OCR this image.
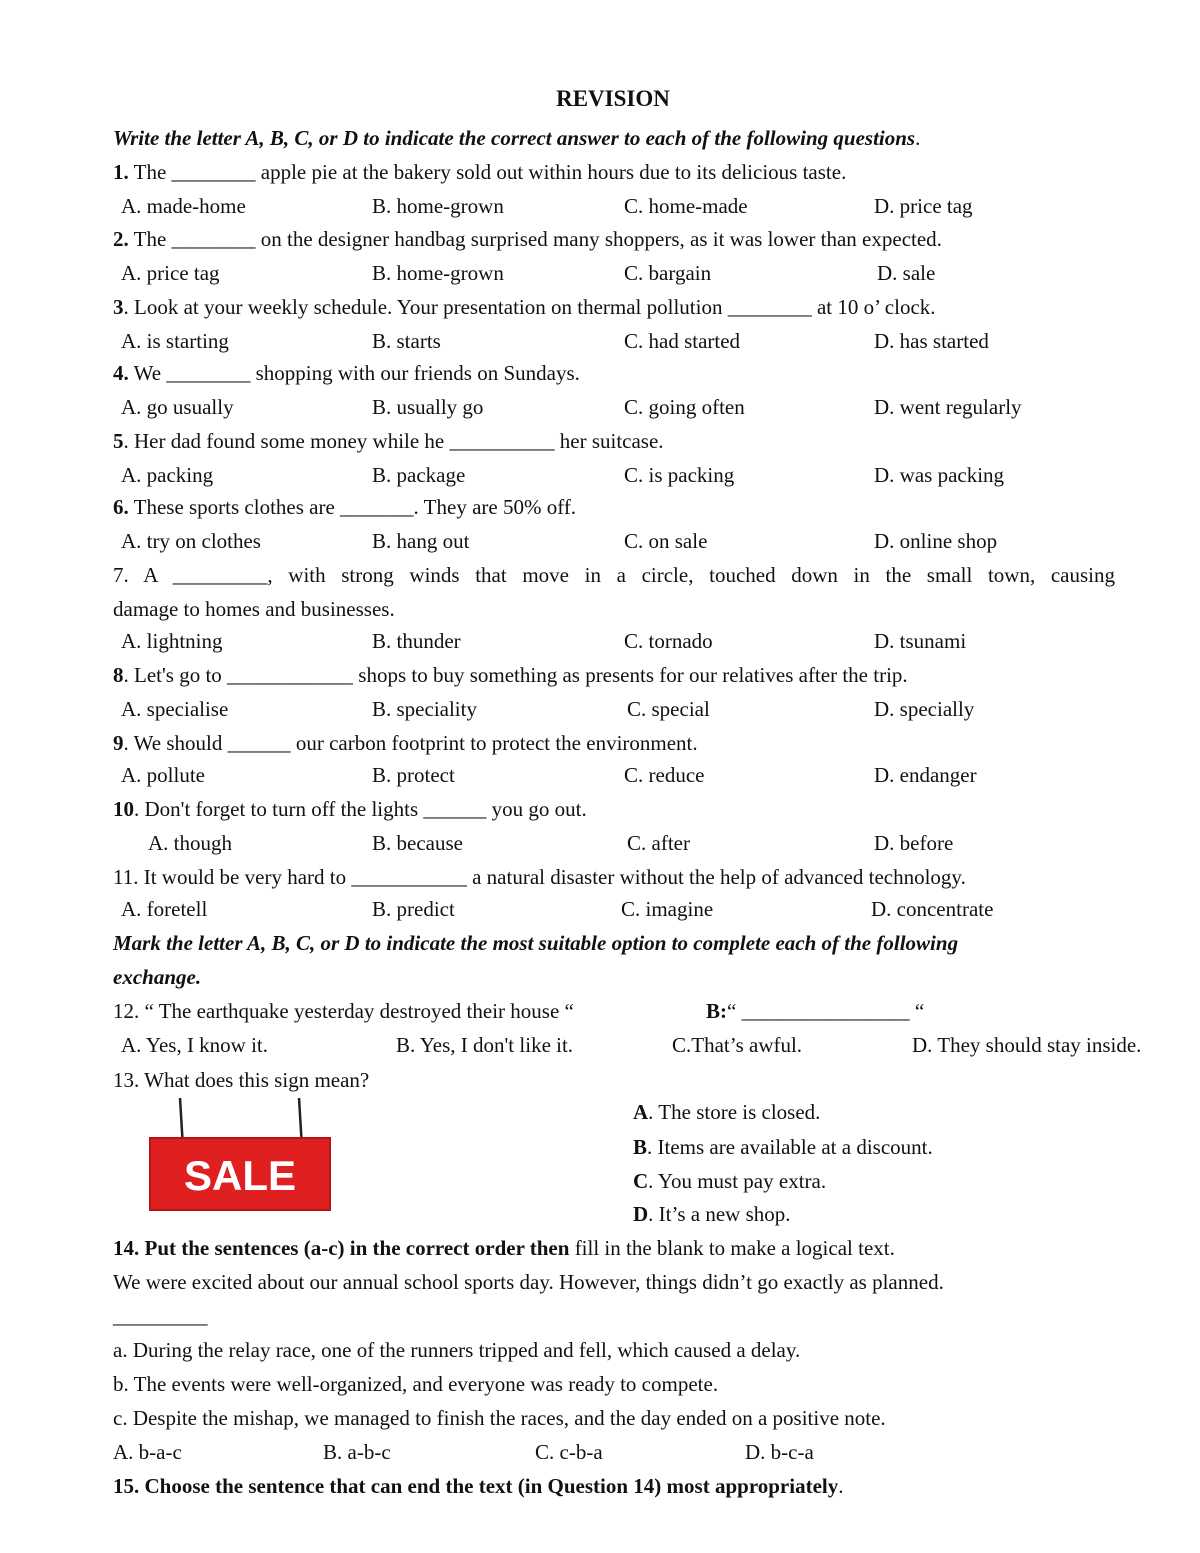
REVISION
Write the letter A, B, C, or D to indicate the correct answer to each of the following questions.
1. The ________ apple pie at the bakery sold out within hours due to its delicious taste.
A. made-home	B. home-grown	C. home-made	D. price tag
2. The ________ on the designer handbag surprised many shoppers, as it was lower than expected.
A. price tag	B. home-grown	C. bargain	D. sale
3. Look at your weekly schedule. Your presentation on thermal pollution ________ at 10 o’ clock.
A. is starting	B. starts	C. had started	D. has started
4. We ________ shopping with our friends on Sundays.
A. go usually	B. usually go	C. going often	D. went regularly
5. Her dad found some money while he __________ her suitcase.
A. packing	B. package	C. is packing	D. was packing
6. These sports clothes are _______. They are 50% off.
A. try on clothes	B. hang out	C. on sale	D. online shop
7. A _________, with strong winds that move in a circle, touched down in the small town, causing
damage to homes and businesses.
A. lightning	B. thunder	C. tornado	D. tsunami
8. Let's go to ____________ shops to buy something as presents for our relatives after the trip.
A. specialise	B. speciality	C. special	D. specially
9. We should ______ our carbon footprint to protect the environment.
A. pollute	B. protect	C. reduce	D. endanger
10. Don't forget to turn off the lights ______ you go out.
A. though	B. because	C. after	D. before
11. It would be very hard to ___________ a natural disaster without the help of advanced technology.
A. foretell	B. predict	C. imagine	D. concentrate
Mark the letter A, B, C, or D to indicate the most suitable option to complete each of the following
exchange.
12. “ The earthquake yesterday destroyed their house “	B:“ ________________ “
A. Yes, I know it.	B. Yes, I don't like it.	C.That’s awful.	D. They should stay inside.
13. What does this sign mean?
SALE
A. The store is closed.
B. Items are available at a discount.
C. You must pay extra.
D. It’s a new shop.
14. Put the sentences (a-c) in the correct order then fill in the blank to make a logical text.
We were excited about our annual school sports day. However, things didn’t go exactly as planned.
_________
a. During the relay race, one of the runners tripped and fell, which caused a delay.
b. The events were well-organized, and everyone was ready to compete.
c. Despite the mishap, we managed to finish the races, and the day ended on a positive note.
A. b-a-c	B. a-b-c	C. c-b-a	D. b-c-a
15. Choose the sentence that can end the text (in Question 14) most appropriately.
